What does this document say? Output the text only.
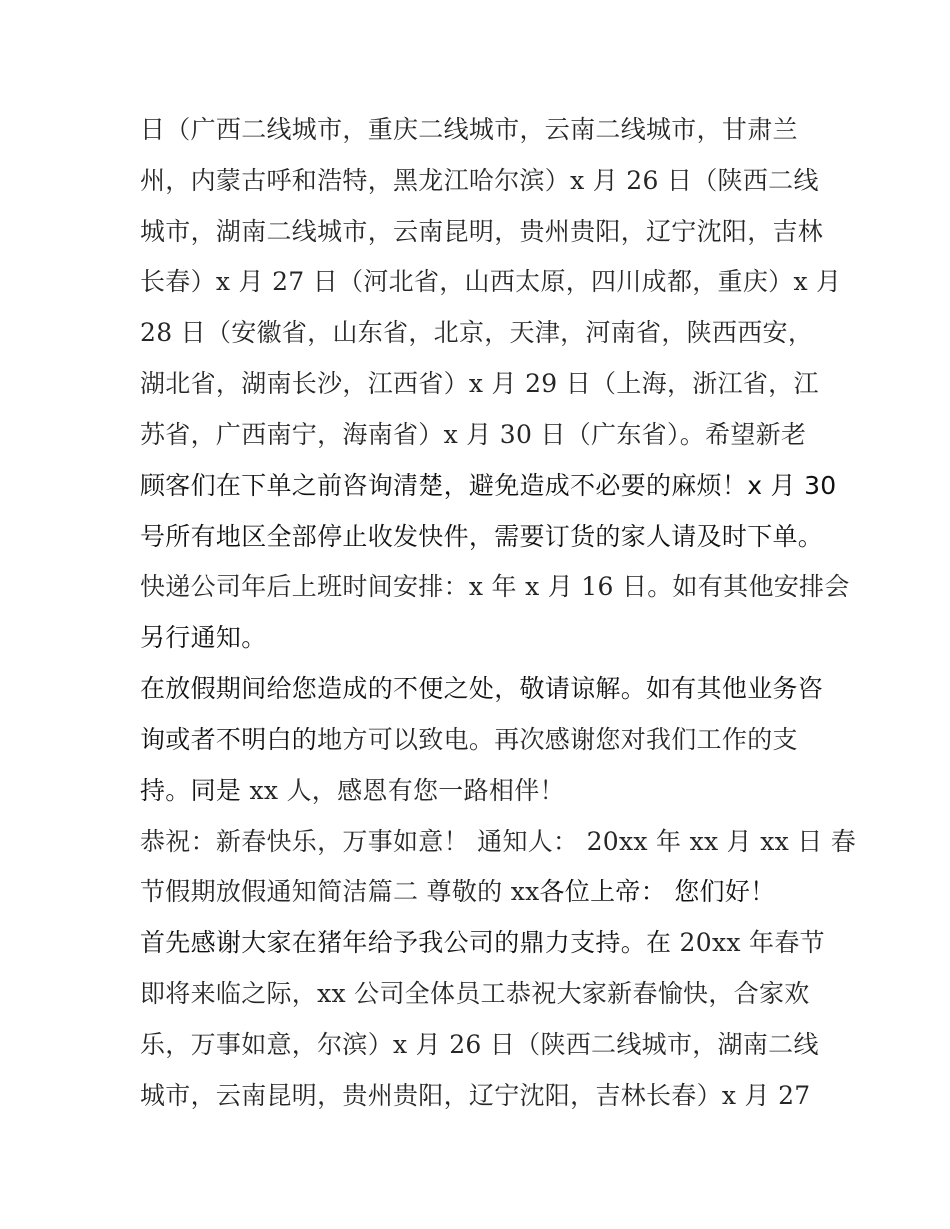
日（广西二线城市，重庆二线城市，云南二线城市，甘肃兰
州，内蒙古呼和浩特，黑龙江哈尔滨）x 月 26 日（陕西二线
城市，湖南二线城市，云南昆明，贵州贵阳，辽宁沈阳，吉林
长春）x 月 27 日（河北省，山西太原，四川成都，重庆）x 月
28 日（安徽省，山东省，北京，天津，河南省，陕西西安，
湖北省，湖南长沙，江西省）x 月 29 日（上海，浙江省，江
苏省，广西南宁，海南省）x 月 30 日（广东省）。希望新老
顾客们在下单之前咨询清楚，避免造成不必要的麻烦！x 月 30
号所有地区全部停止收发快件，需要订货的家人请及时下单。
快递公司年后上班时间安排：x 年 x 月 16 日。如有其他安排会
另行通知。
在放假期间给您造成的不便之处，敬请谅解。如有其他业务咨
询或者不明白的地方可以致电。再次感谢您对我们工作的支
持。同是 xx 人，感恩有您一路相伴！
恭祝：新春快乐，万事如意！ 通知人： 20xx 年 xx 月 xx 日 春
节假期放假通知简洁篇二 尊敬的 xx各位上帝： 您们好！
首先感谢大家在猪年给予我公司的鼎力支持。在 20xx 年春节
即将来临之际，xx 公司全体员工恭祝大家新春愉快，合家欢
乐，万事如意，尔滨）x 月 26 日（陕西二线城市，湖南二线
城市，云南昆明，贵州贵阳，辽宁沈阳，吉林长春）x 月 27
